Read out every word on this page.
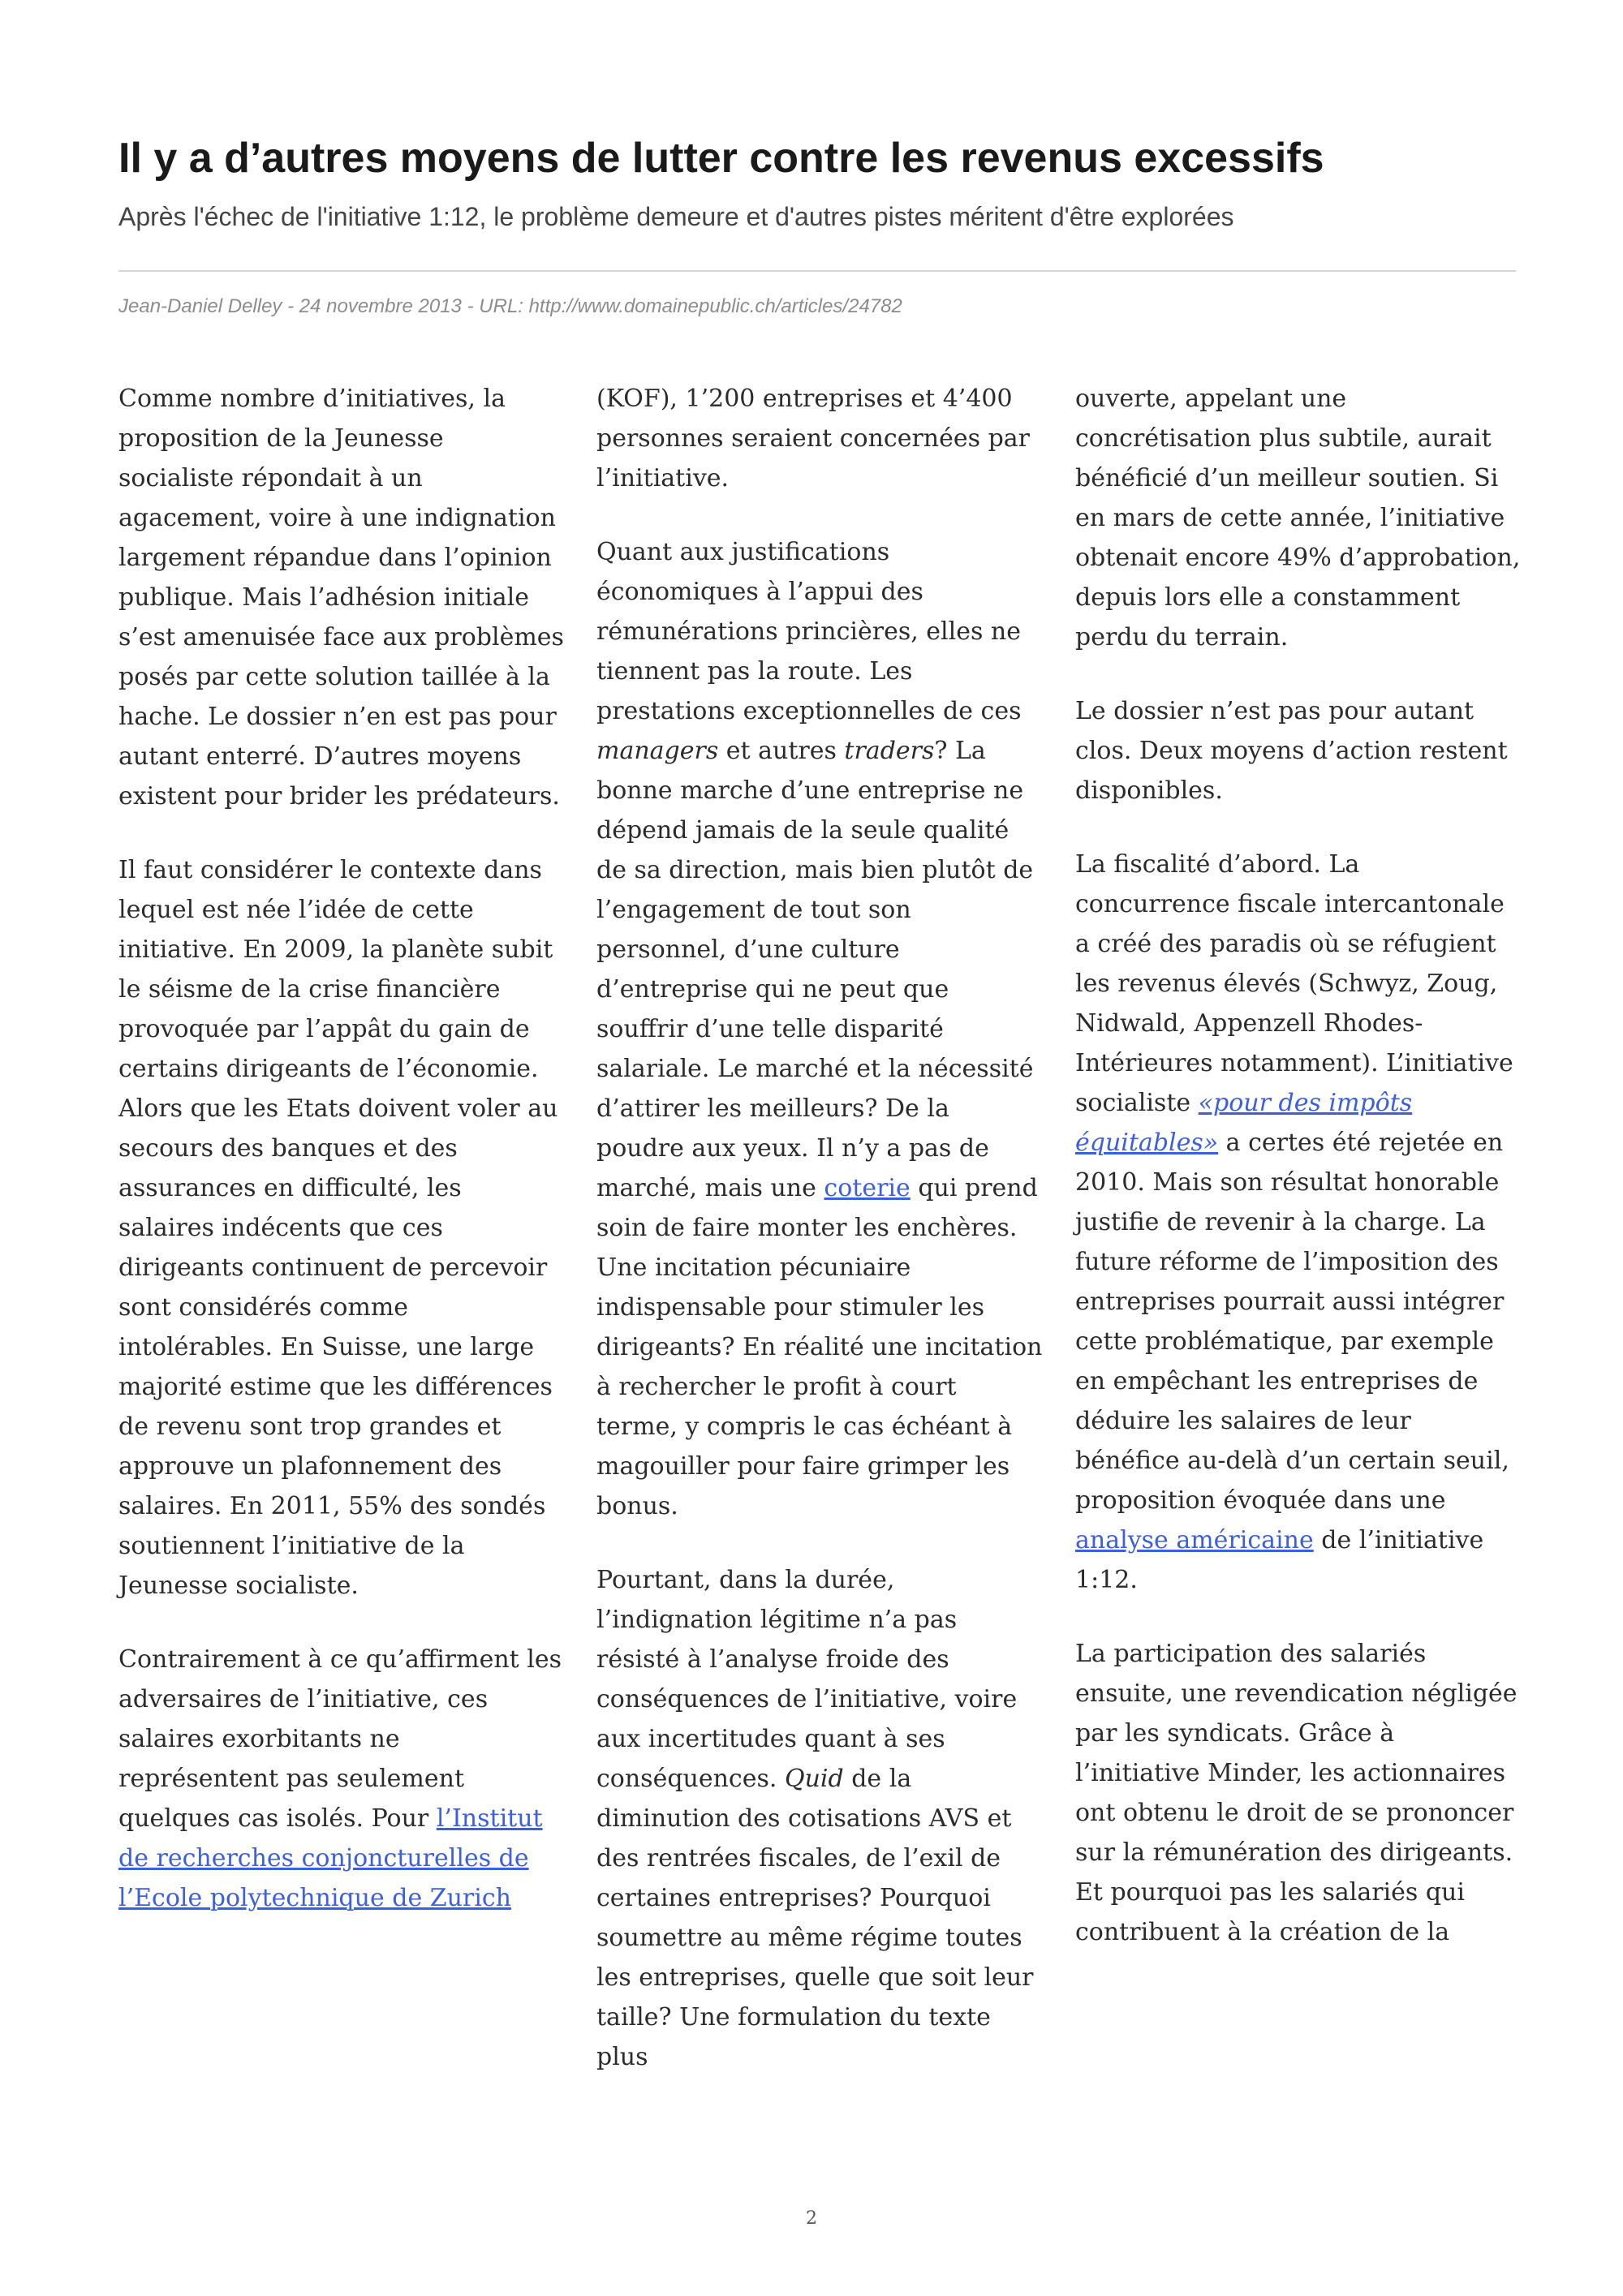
Il y a d’autres moyens de lutter contre les revenus excessifs
Après l'échec de l'initiative 1:12, le problème demeure et d'autres pistes méritent d'être explorées
Jean-Daniel Delley - 24 novembre 2013 - URL: http://www.domainepublic.ch/articles/24782

Comme nombre d’initiatives, la proposition de la Jeunesse socialiste répondait à un agacement, voire à une indignation largement répandue dans l’opinion publique. Mais l’adhésion initiale s’est amenuisée face aux problèmes posés par cette solution taillée à la hache. Le dossier n’en est pas pour autant enterré. D’autres moyens existent pour brider les prédateurs.

Il faut considérer le contexte dans lequel est née l’idée de cette initiative. En 2009, la planète subit le séisme de la crise financière provoquée par l’appât du gain de certains dirigeants de l’économie. Alors que les Etats doivent voler au secours des banques et des assurances en difficulté, les salaires indécents que ces dirigeants continuent de percevoir sont considérés comme intolérables. En Suisse, une large majorité estime que les différences de revenu sont trop grandes et approuve un plafonnement des salaires. En 2011, 55% des sondés soutiennent l’initiative de la Jeunesse socialiste.

Contrairement à ce qu’affirment les adversaires de l’initiative, ces salaires exorbitants ne représentent pas seulement quelques cas isolés. Pour l’Institut de recherches conjoncturelles de l’Ecole polytechnique de Zurich

(KOF), 1’200 entreprises et 4’400 personnes seraient concernées par l’initiative.

Quant aux justifications économiques à l’appui des rémunérations princières, elles ne tiennent pas la route. Les prestations exceptionnelles de ces managers et autres traders? La bonne marche d’une entreprise ne dépend jamais de la seule qualité de sa direction, mais bien plutôt de l’engagement de tout son personnel, d’une culture d’entreprise qui ne peut que souffrir d’une telle disparité salariale. Le marché et la nécessité d’attirer les meilleurs? De la poudre aux yeux. Il n’y a pas de marché, mais une coterie qui prend soin de faire monter les enchères. Une incitation pécuniaire indispensable pour stimuler les dirigeants? En réalité une incitation à rechercher le profit à court terme, y compris le cas échéant à magouiller pour faire grimper les bonus.

Pourtant, dans la durée, l’indignation légitime n’a pas résisté à l’analyse froide des conséquences de l’initiative, voire aux incertitudes quant à ses conséquences. Quid de la diminution des cotisations AVS et des rentrées fiscales, de l’exil de certaines entreprises? Pourquoi soumettre au même régime toutes les entreprises, quelle que soit leur taille? Une formulation du texte plus

ouverte, appelant une concrétisation plus subtile, aurait bénéficié d’un meilleur soutien. Si en mars de cette année, l’initiative obtenait encore 49% d’approbation, depuis lors elle a constamment perdu du terrain.

Le dossier n’est pas pour autant clos. Deux moyens d’action restent disponibles.

La fiscalité d’abord. La concurrence fiscale intercantonale a créé des paradis où se réfugient les revenus élevés (Schwyz, Zoug, Nidwald, Appenzell Rhodes-Intérieures notamment). L’initiative socialiste «pour des impôts équitables» a certes été rejetée en 2010. Mais son résultat honorable justifie de revenir à la charge. La future réforme de l’imposition des entreprises pourrait aussi intégrer cette problématique, par exemple en empêchant les entreprises de déduire les salaires de leur bénéfice au-delà d’un certain seuil, proposition évoquée dans une analyse américaine de l’initiative 1:12.

La participation des salariés ensuite, une revendication négligée par les syndicats. Grâce à l’initiative Minder, les actionnaires ont obtenu le droit de se prononcer sur la rémunération des dirigeants. Et pourquoi pas les salariés qui contribuent à la création de la

2
